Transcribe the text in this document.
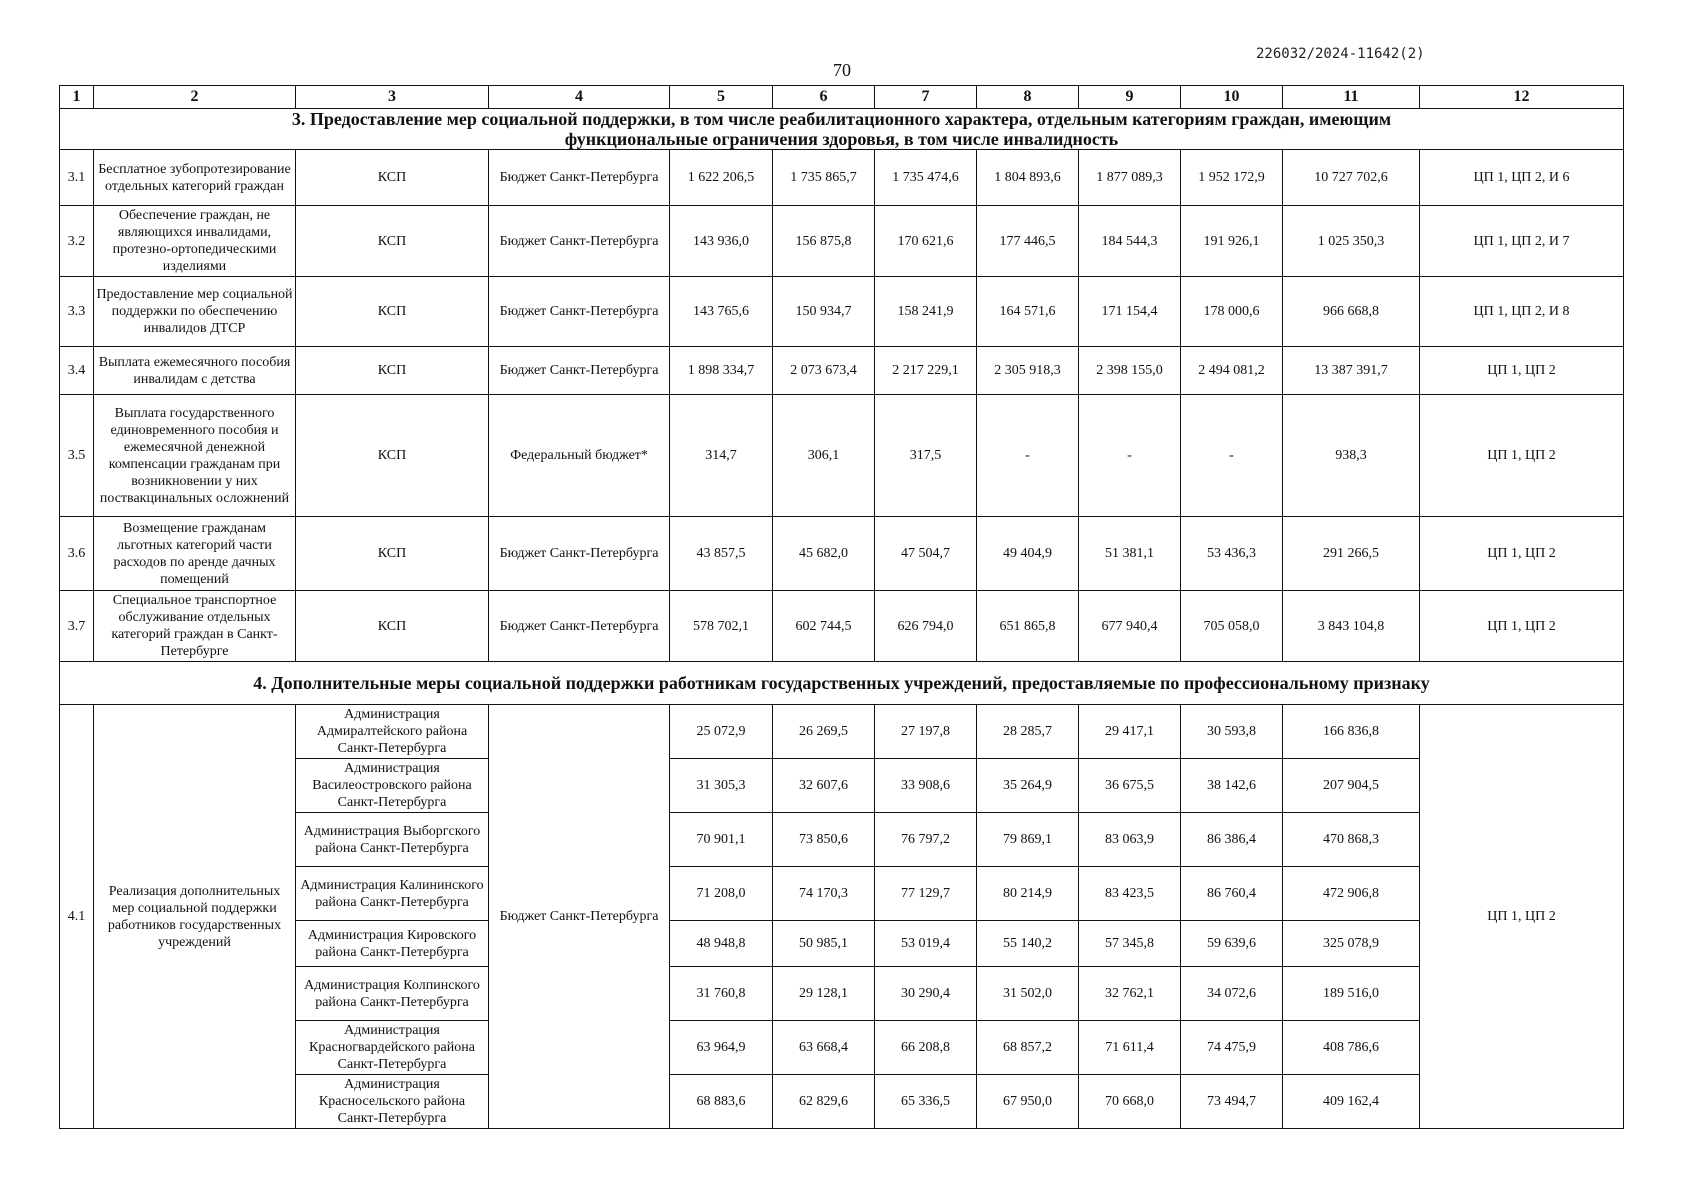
226032/2024-11642(2)
70
1	2	3	4	5	6	7	8	9	10	11	12
3. Предоставление мер социальной поддержки, в том числе реабилитационного характера, отдельным категориям граждан, имеющим функциональные ограничения здоровья, в том числе инвалидность											
3.1	Бесплатное зубопротезирование отдельных категорий граждан	КСП	Бюджет Санкт-Петербурга	1 622 206,5	1 735 865,7	1 735 474,6	1 804 893,6	1 877 089,3	1 952 172,9	10 727 702,6	ЦП 1, ЦП 2, И 6
3.2	Обеспечение граждан, не являющихся инвалидами, протезно-ортопедическими изделиями	КСП	Бюджет Санкт-Петербурга	143 936,0	156 875,8	170 621,6	177 446,5	184 544,3	191 926,1	1 025 350,3	ЦП 1, ЦП 2, И 7
3.3	Предоставление мер социальной поддержки по обеспечению инвалидов ДТСР	КСП	Бюджет Санкт-Петербурга	143 765,6	150 934,7	158 241,9	164 571,6	171 154,4	178 000,6	966 668,8	ЦП 1, ЦП 2, И 8
3.4	Выплата ежемесячного пособия инвалидам с детства	КСП	Бюджет Санкт-Петербурга	1 898 334,7	2 073 673,4	2 217 229,1	2 305 918,3	2 398 155,0	2 494 081,2	13 387 391,7	ЦП 1, ЦП 2
3.5	Выплата государственного единовременного пособия и ежемесячной денежной компенсации гражданам при возникновении у них поствакцинальных осложнений	КСП	Федеральный бюджет*	314,7	306,1	317,5	-	-	-	938,3	ЦП 1, ЦП 2
3.6	Возмещение гражданам льготных категорий части расходов по аренде дачных помещений	КСП	Бюджет Санкт-Петербурга	43 857,5	45 682,0	47 504,7	49 404,9	51 381,1	53 436,3	291 266,5	ЦП 1, ЦП 2
3.7	Специальное транспортное обслуживание отдельных категорий граждан в Санкт-Петербурге	КСП	Бюджет Санкт-Петербурга	578 702,1	602 744,5	626 794,0	651 865,8	677 940,4	705 058,0	3 843 104,8	ЦП 1, ЦП 2
4. Дополнительные меры социальной поддержки работникам государственных учреждений, предоставляемые по профессиональному признаку											
4.1	Реализация дополнительных мер социальной поддержки работников государственных учреждений	Администрация Адмиралтейского района Санкт-Петербурга	Бюджет Санкт-Петербурга	25 072,9	26 269,5	27 197,8	28 285,7	29 417,1	30 593,8	166 836,8	ЦП 1, ЦП 2
		Администрация Василеостровского района Санкт-Петербурга		31 305,3	32 607,6	33 908,6	35 264,9	36 675,5	38 142,6	207 904,5	
		Администрация Выборгского района Санкт-Петербурга		70 901,1	73 850,6	76 797,2	79 869,1	83 063,9	86 386,4	470 868,3	
		Администрация Калининского района Санкт-Петербурга		71 208,0	74 170,3	77 129,7	80 214,9	83 423,5	86 760,4	472 906,8	
		Администрация Кировского района Санкт-Петербурга		48 948,8	50 985,1	53 019,4	55 140,2	57 345,8	59 639,6	325 078,9	
		Администрация Колпинского района Санкт-Петербурга		31 760,8	29 128,1	30 290,4	31 502,0	32 762,1	34 072,6	189 516,0	
		Администрация Красногвардейского района Санкт-Петербурга		63 964,9	63 668,4	66 208,8	68 857,2	71 611,4	74 475,9	408 786,6	
		Администрация Красносельского района Санкт-Петербурга		68 883,6	62 829,6	65 336,5	67 950,0	70 668,0	73 494,7	409 162,4	
